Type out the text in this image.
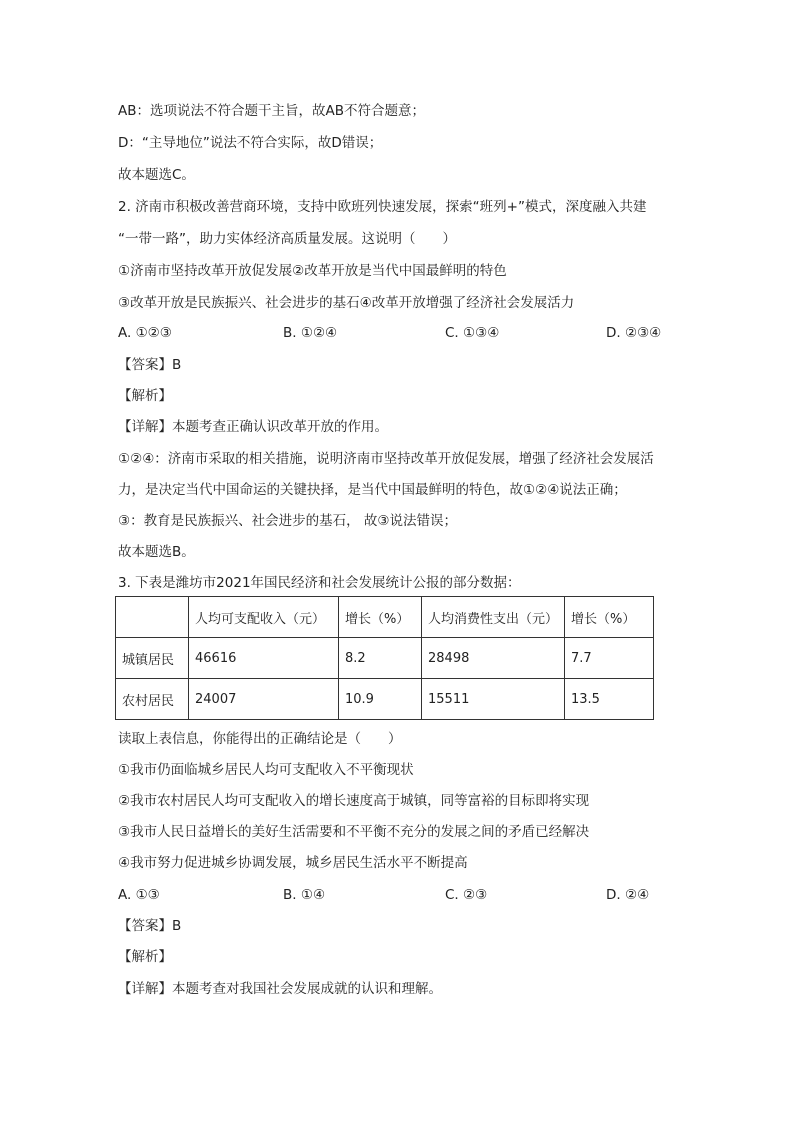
AB：选项说法不符合题干主旨，故AB不符合题意；
D：“主导地位”说法不符合实际，故D错误；
故本题选C。
2. 济南市积极改善营商环境，支持中欧班列快速发展，探索“班列+”模式，深度融入共建
“一带一路”，助力实体经济高质量发展。这说明（　　）
①济南市坚持改革开放促发展②改革开放是当代中国最鲜明的特色
③改革开放是民族振兴、社会进步的基石④改革开放增强了经济社会发展活力
A. ①②③	B. ①②④	C. ①③④	D. ②③④
【答案】B
【解析】
【详解】本题考查正确认识改革开放的作用。
①②④：济南市采取的相关措施，说明济南市坚持改革开放促发展，增强了经济社会发展活
力，是决定当代中国命运的关键抉择，是当代中国最鲜明的特色，故①②④说法正确；
③：教育是民族振兴、社会进步的基石， 故③说法错误；
故本题选B。
3. 下表是潍坊市2021年国民经济和社会发展统计公报的部分数据：
	人均可支配收入（元）	增长（%）	人均消费性支出（元）	增长（%）
城镇居民	46616	8.2	28498	7.7
农村居民	24007	10.9	15511	13.5
读取上表信息，你能得出的正确结论是（　　）
①我市仍面临城乡居民人均可支配收入不平衡现状
②我市农村居民人均可支配收入的增长速度高于城镇，同等富裕的目标即将实现
③我市人民日益增长的美好生活需要和不平衡不充分的发展之间的矛盾已经解决
④我市努力促进城乡协调发展，城乡居民生活水平不断提高
A. ①③	B. ①④	C. ②③	D. ②④
【答案】B
【解析】
【详解】本题考查对我国社会发展成就的认识和理解。
